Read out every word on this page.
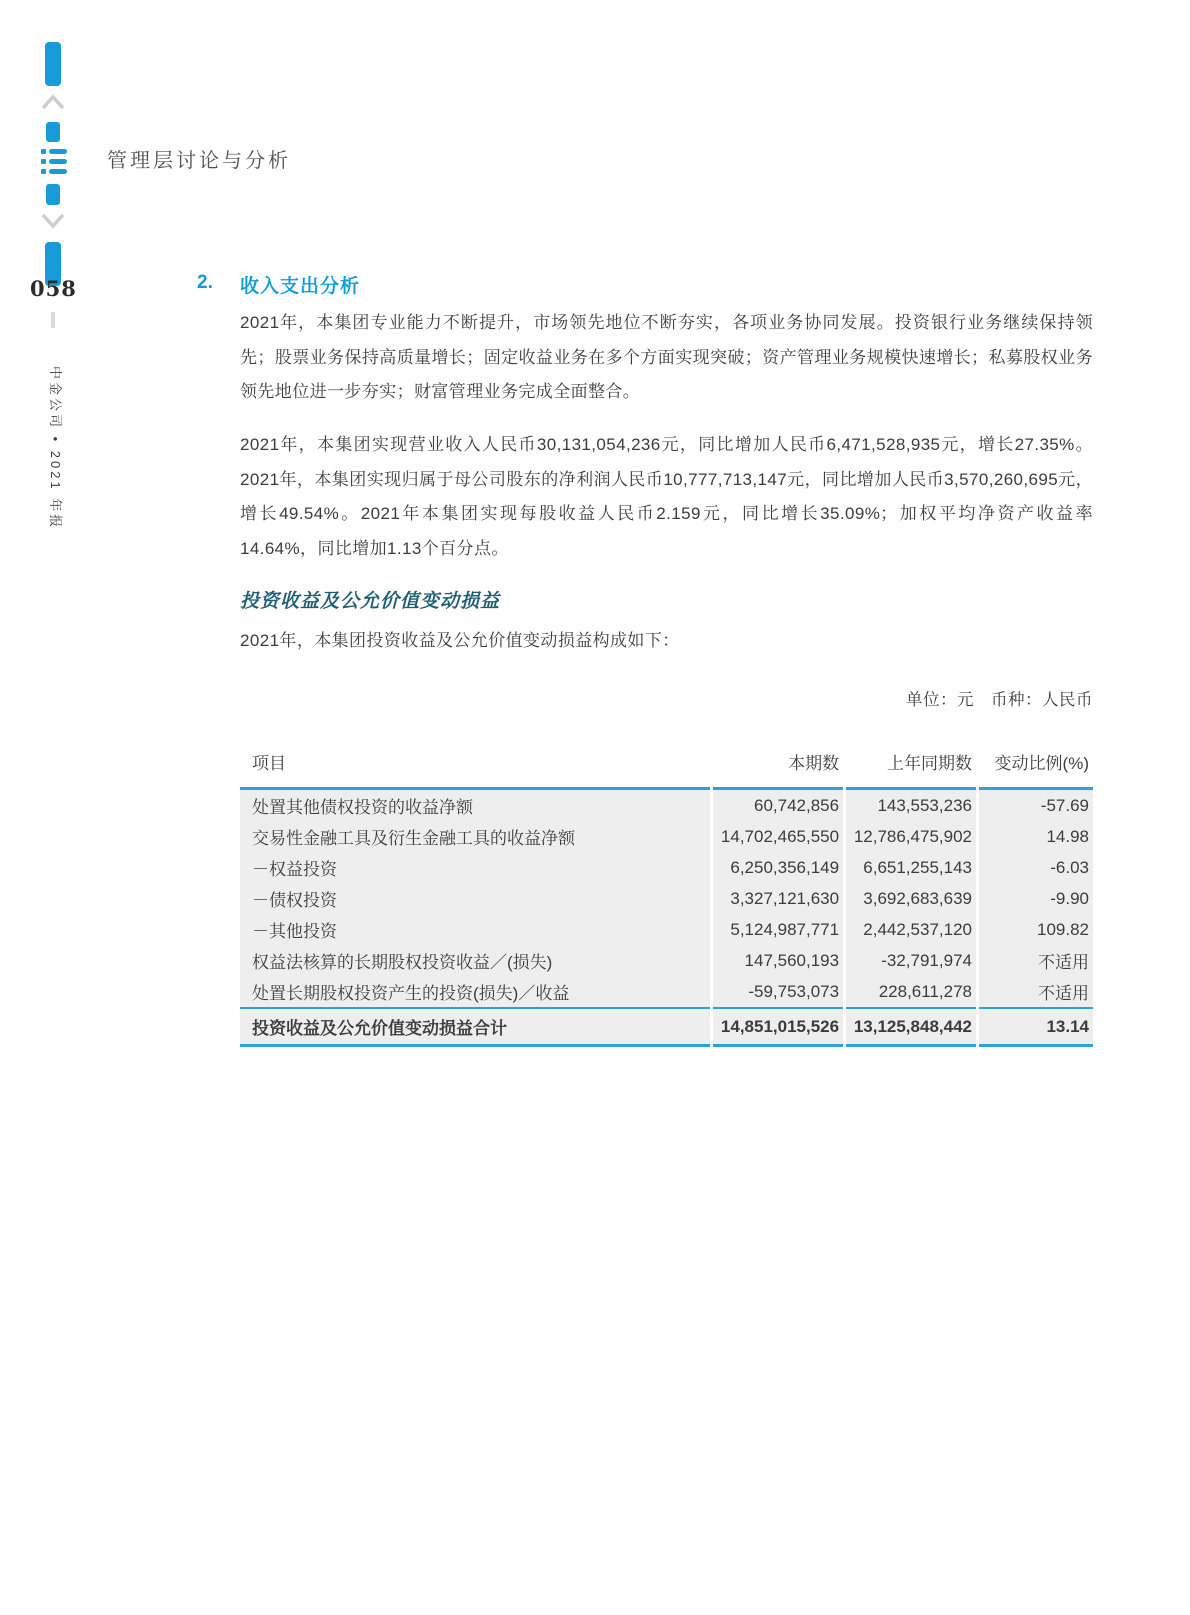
058
中金公司 • 2021 年报
管理层讨论与分析
2. 收入支出分析
2021年，本集团专业能力不断提升，市场领先地位不断夯实，各项业务协同发展。投资银行业务继续保持领先；股票业务保持高质量增长；固定收益业务在多个方面实现突破；资产管理业务规模快速增长；私募股权业务领先地位进一步夯实；财富管理业务完成全面整合。
2021年，本集团实现营业收入人民币30,131,054,236元，同比增加人民币6,471,528,935元，增长27.35%。2021年，本集团实现归属于母公司股东的净利润人民币10,777,713,147元，同比增加人民币3,570,260,695元，增长49.54%。2021年本集团实现每股收益人民币2.159元，同比增长35.09%；加权平均净资产收益率14.64%，同比增加1.13个百分点。
投资收益及公允价值变动损益
2021年，本集团投资收益及公允价值变动损益构成如下：
单位：元　币种：人民币
项目	本期数	上年同期数	变动比例(%)
处置其他债权投资的收益净额	60,742,856	143,553,236	-57.69
交易性金融工具及衍生金融工具的收益净额	14,702,465,550	12,786,475,902	14.98
－权益投资	6,250,356,149	6,651,255,143	-6.03
－债权投资	3,327,121,630	3,692,683,639	-9.90
－其他投资	5,124,987,771	2,442,537,120	109.82
权益法核算的长期股权投资收益／(损失)	147,560,193	-32,791,974	不适用
处置长期股权投资产生的投资(损失)／收益	-59,753,073	228,611,278	不适用
投资收益及公允价值变动损益合计	14,851,015,526	13,125,848,442	13.14
